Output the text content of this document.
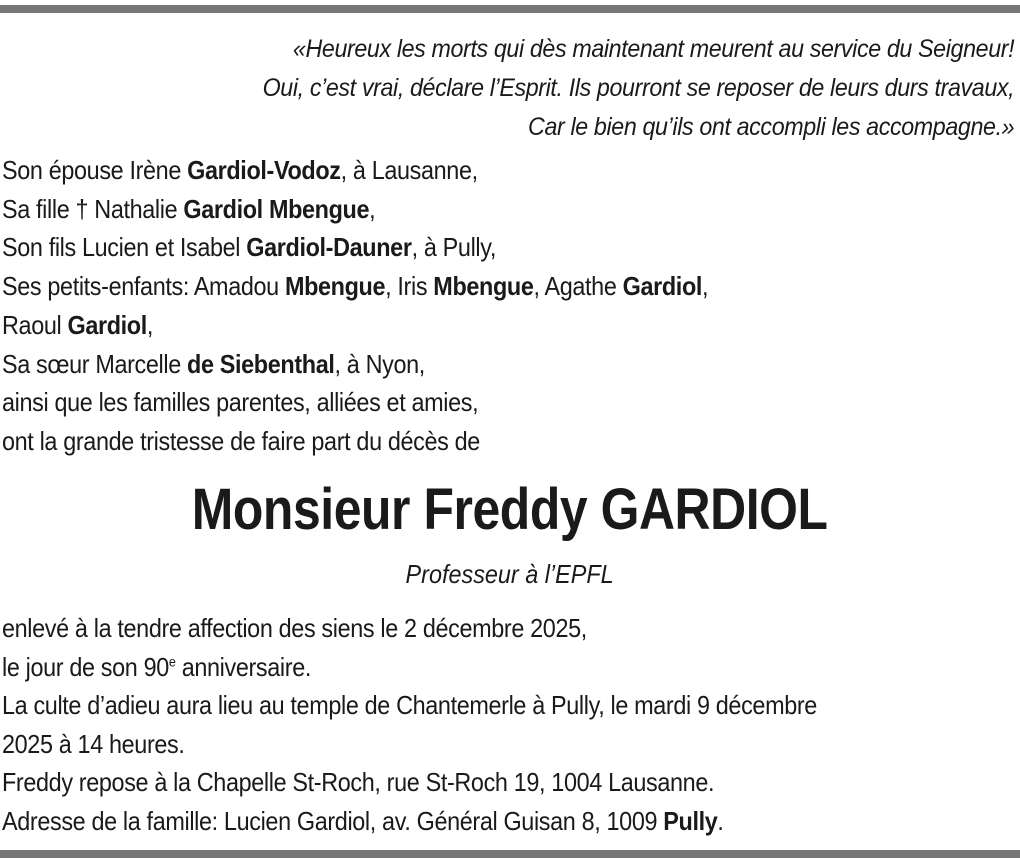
«Heureux les morts qui dès maintenant meurent au service du Seigneur!
Oui, c’est vrai, déclare l’Esprit. Ils pourront se reposer de leurs durs travaux,
Car le bien qu’ils ont accompli les accompagne.»
Son épouse Irène Gardiol-Vodoz, à Lausanne,
Sa fille † Nathalie Gardiol Mbengue,
Son fils Lucien et Isabel Gardiol-Dauner, à Pully,
Ses petits-enfants: Amadou Mbengue, Iris Mbengue, Agathe Gardiol,
Raoul Gardiol,
Sa sœur Marcelle de Siebenthal, à Nyon,
ainsi que les familles parentes, alliées et amies,
ont la grande tristesse de faire part du décès de
Monsieur Freddy GARDIOL
Professeur à l’EPFL
enlevé à la tendre affection des siens le 2 décembre 2025,
le jour de son 90e anniversaire.
La culte d’adieu aura lieu au temple de Chantemerle à Pully, le mardi 9 décembre
2025 à 14 heures.
Freddy repose à la Chapelle St-Roch, rue St-Roch 19, 1004 Lausanne.
Adresse de la famille: Lucien Gardiol, av. Général Guisan 8, 1009 Pully.
